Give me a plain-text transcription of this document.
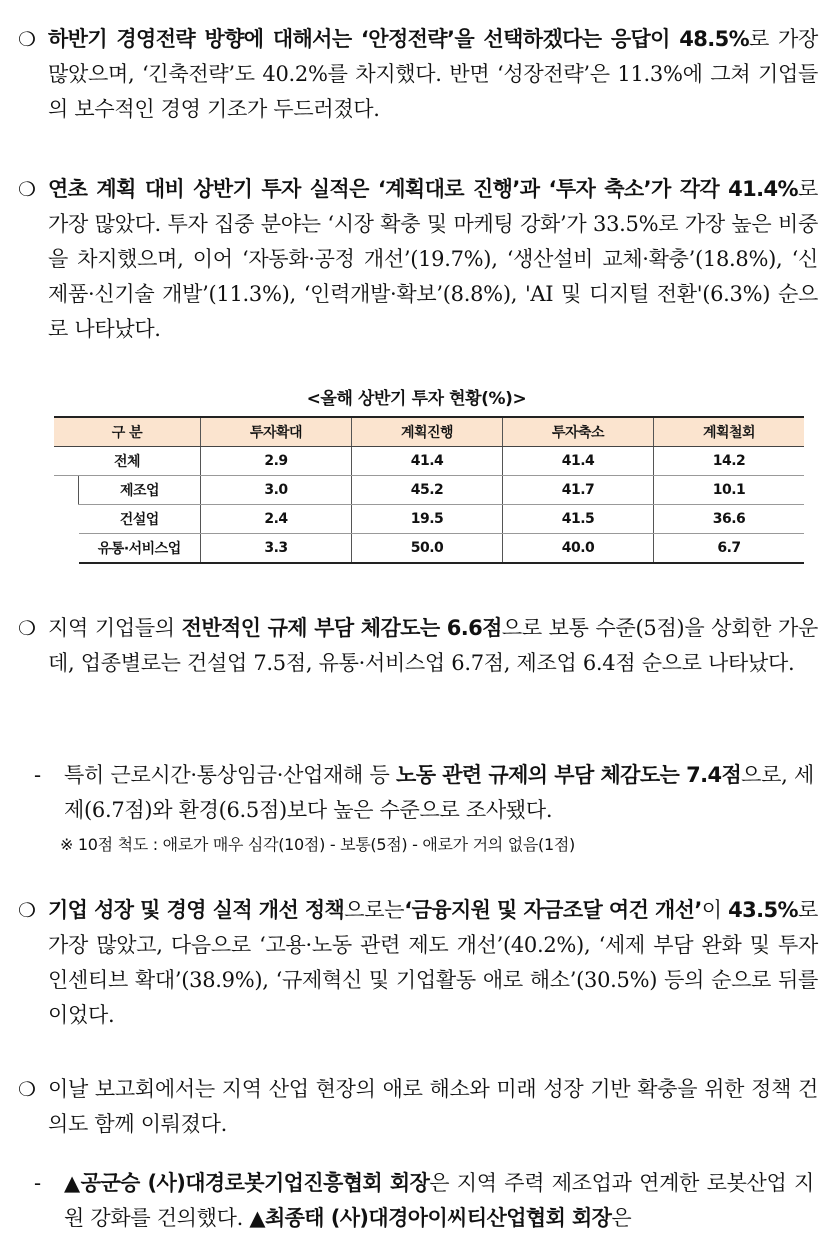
❍ 하반기 경영전략 방향에 대해서는 ‘안정전략’을 선택하겠다는 응답이 48.5%로 가장 많았으며, ‘긴축전략’도 40.2%를 차지했다. 반면 ‘성장전략’은 11.3%에 그쳐 기업들의 보수적인 경영 기조가 두드러졌다.
❍ 연초 계획 대비 상반기 투자 실적은 ‘계획대로 진행’과 ‘투자 축소’가 각각 41.4%로 가장 많았다. 투자 집중 분야는 ‘시장 확충 및 마케팅 강화’가 33.5%로 가장 높은 비중을 차지했으며, 이어 ‘자동화·공정 개선’(19.7%), ‘생산설비 교체·확충’(18.8%), ‘신제품·신기술 개발’(11.3%), ‘인력개발·확보’(8.8%), 'AI 및 디지털 전환'(6.3%) 순으로 나타났다.
<올해 상반기 투자 현황(%)>
구 분		투자확대	계획진행	투자축소	계획철회
전체		2.9	41.4	41.4	14.2
	제조업	3.0	45.2	41.7	10.1
	건설업	2.4	19.5	41.5	36.6
	유통·서비스업	3.3	50.0	40.0	6.7
❍ 지역 기업들의 전반적인 규제 부담 체감도는 6.6점으로 보통 수준(5점)을 상회한 가운데, 업종별로는 건설업 7.5점, 유통·서비스업 6.7점, 제조업 6.4점 순으로 나타났다.
-	특히 근로시간·통상임금·산업재해 등 노동 관련 규제의 부담 체감도는 7.4점으로, 세제(6.7점)와 환경(6.5점)보다 높은 수준으로 조사됐다.
※ 10점 척도 : 애로가 매우 심각(10점) - 보통(5점) - 애로가 거의 없음(1점)
❍ 기업 성장 및 경영 실적 개선 정책으로는‘금융지원 및 자금조달 여건 개선’이 43.5%로 가장 많았고, 다음으로 ‘고용·노동 관련 제도 개선’(40.2%), ‘세제 부담 완화 및 투자 인센티브 확대’(38.9%), ‘규제혁신 및 기업활동 애로 해소’(30.5%) 등의 순으로 뒤를 이었다.
❍ 이날 보고회에서는 지역 산업 현장의 애로 해소와 미래 성장 기반 확충을 위한 정책 건의도 함께 이뤄졌다.
-	▲공군승 (사)대경로봇기업진흥협회 회장은 지역 주력 제조업과 연계한 로봇산업 지원 강화를 건의했다. ▲최종태 (사)대경아이씨티산업협회 회장은
